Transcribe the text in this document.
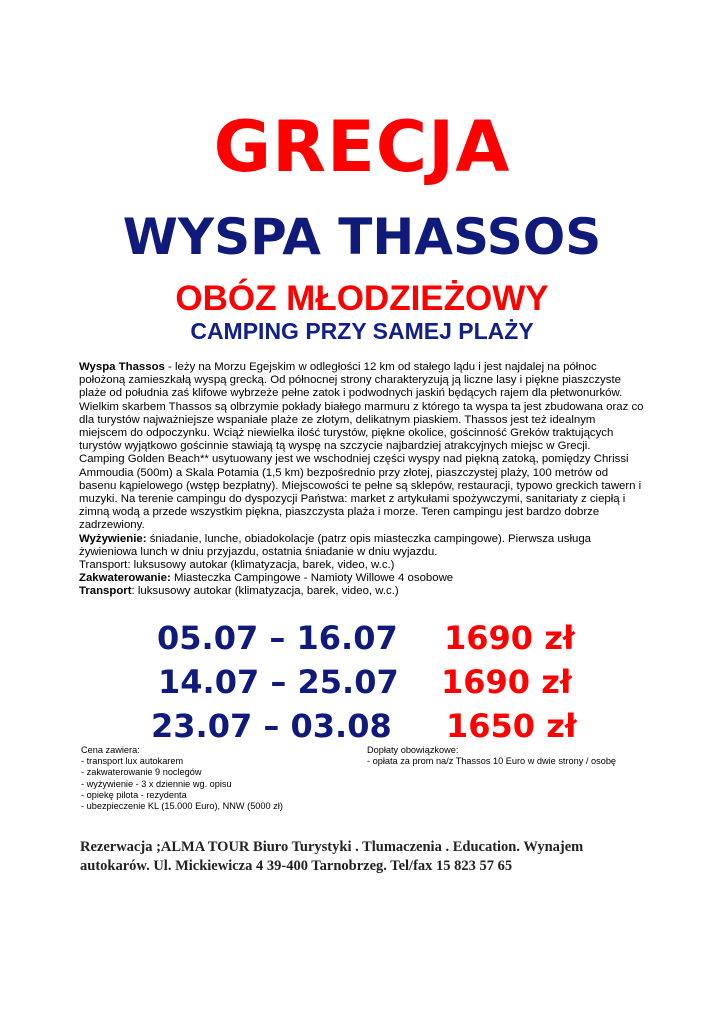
GRECJA
WYSPA THASSOS
OBÓZ MŁODZIEŻOWY
CAMPING PRZY SAMEJ PLAŻY

Wyspa Thassos - leży na Morzu Egejskim w odległości 12 km od stałego lądu i jest najdalej na północ położoną zamieszkałą wyspą grecką. Od północnej strony charakteryzują ją liczne lasy i piękne piaszczyste plaże od południa zaś klifowe wybrzeże pełne zatok i podwodnych jaskiń będących rajem dla płetwonurków. Wielkim skarbem Thassos są olbrzymie pokłady białego marmuru z którego ta wyspa ta jest zbudowana oraz co dla turystów najważniejsze wspaniałe plaże ze złotym, delikatnym piaskiem. Thassos jest też idealnym miejscem do odpoczynku. Wciąż niewielka ilość turystów, piękne okolice, gościnność Greków traktujących turystów wyjątkowo gościnnie stawiają tą wyspę na szczycie najbardziej atrakcyjnych miejsc w Grecji.

Camping Golden Beach** usytuowany jest we wschodniej części wyspy nad piękną zatoką, pomiędzy Chrissi Ammoudia (500m) a Skala Potamia (1,5 km) bezpośrednio przy złotej, piaszczystej plaży, 100 metrów od basenu kąpielowego (wstęp bezpłatny). Miejscowości te pełne są sklepów, restauracji, typowo greckich tawern i muzyki. Na terenie campingu do dyspozycji Państwa: market z artykułami spożywczymi, sanitariaty z ciepłą i zimną wodą a przede wszystkim piękna, piaszczysta plaża i morze. Teren campingu jest bardzo dobrze zadrzewiony.

Wyżywienie: śniadanie, lunche, obiadokolacje (patrz opis miasteczka campingowe). Pierwsza usługa żywieniowa lunch w dniu przyjazdu, ostatnia śniadanie w dniu wyjazdu.

Transport: luksusowy autokar (klimatyzacja, barek, video, w.c.)

Zakwaterowanie: Miasteczka Campingowe - Namioty Willowe 4 osobowe

Transport: luksusowy autokar (klimatyzacja, barek, video, w.c.)

05.07 – 16.07 1690 zł
14.07 – 25.07 1690 zł
23.07 – 03.08 1650 zł
Cena zawiera:
- transport lux autokarem
- zakwaterowanie 9 noclegów
- wyżywienie - 3 x dziennie wg. opisu
- opiekę pilota - rezydenta
- ubezpieczenie KL (15.000 Euro), NNW (5000 zł)
Dopłaty obowiązkowe:
- opłata za prom na/z Thassos 10 Euro w dwie strony / osobę
Rezerwacja ;ALMA TOUR Biuro Turystyki . Tlumaczenia . Education. Wynajem
autokarów. Ul. Mickiewicza 4 39-400 Tarnobrzeg. Tel/fax 15 823 57 65
